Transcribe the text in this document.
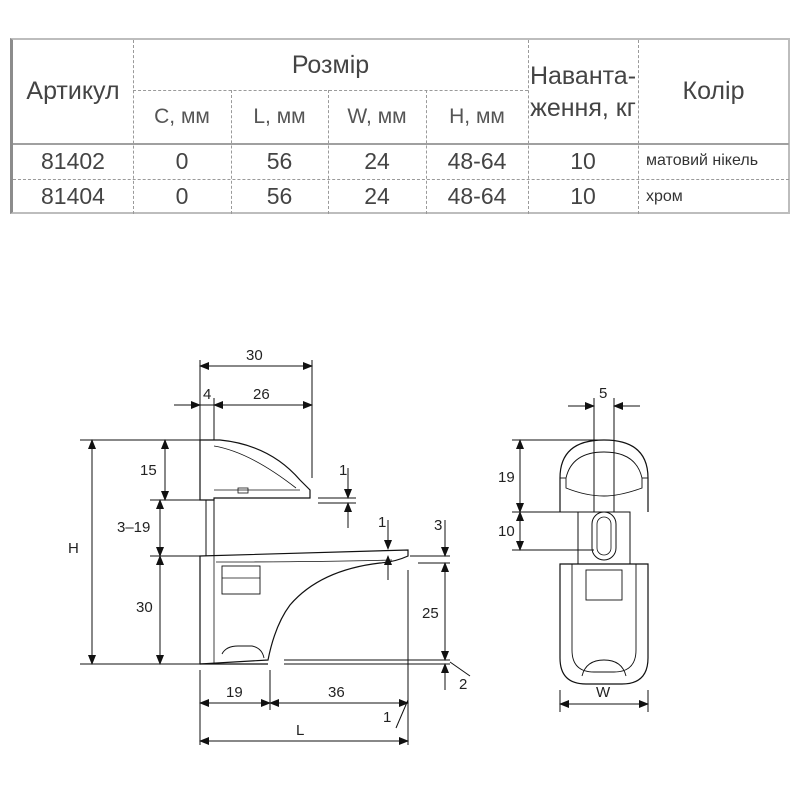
Артикул
Розмір	Наванта-
ження, кг
Колір
C, мм	L, мм	W, мм	H, мм
81402	0	56	24	48-64	10	матовий нікель
81404	0	56	24	48-64	10	хром
30
4	26
1
15
3–19
30
H
1	3
25
2
19	36
L
1
5
19
10
W
